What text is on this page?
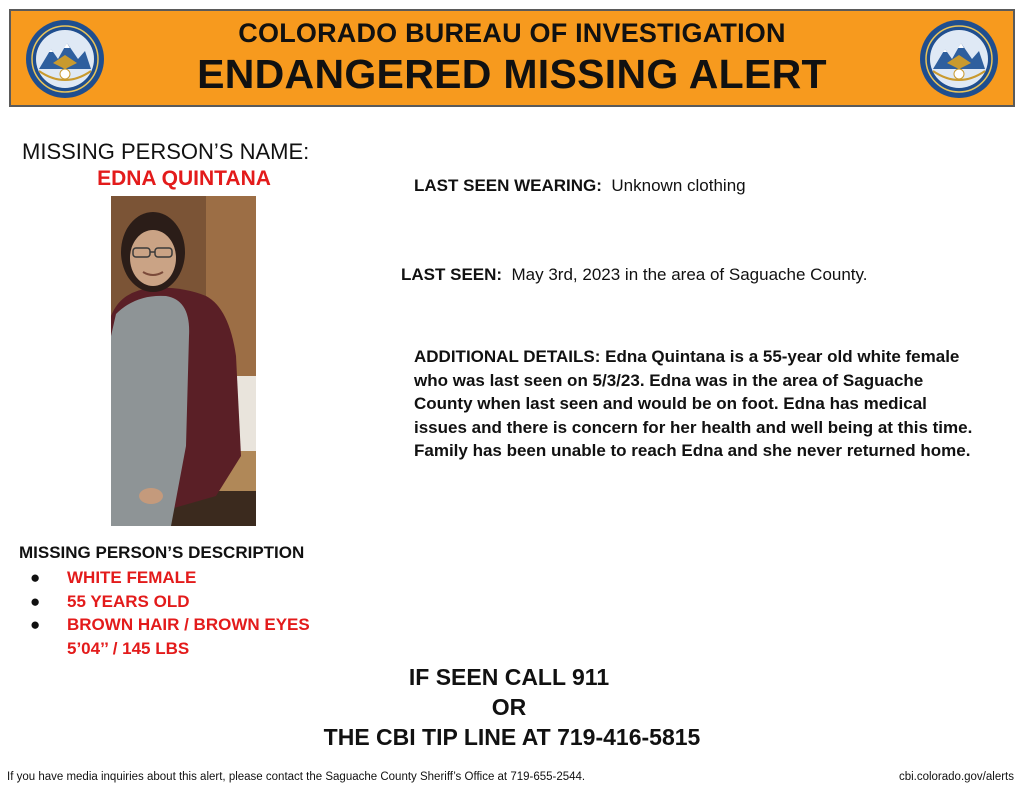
COLORADO BUREAU OF INVESTIGATION
ENDANGERED MISSING ALERT
MISSING PERSON’S NAME:
EDNA QUINTANA	LAST SEEN WEARING: Unknown clothing
LAST SEEN: May 3rd, 2023 in the area of Saguache County.
ADDITIONAL DETAILS: Edna Quintana is a 55-year old white female who was last seen on 5/3/23. Edna was in the area of Saguache County when last seen and would be on foot. Edna has medical issues and there is concern for her health and well being at this time. Family has been unable to reach Edna and she never returned home.
MISSING PERSON’S DESCRIPTION
● WHITE FEMALE
● 55 YEARS OLD
● BROWN HAIR / BROWN EYES
5’04’’ / 145 LBS
IF SEEN CALL 911
OR
THE CBI TIP LINE AT 719-416-5815
If you have media inquiries about this alert, please contact the Saguache County Sheriff’s Office at 719-655-2544.	cbi.colorado.gov/alerts
